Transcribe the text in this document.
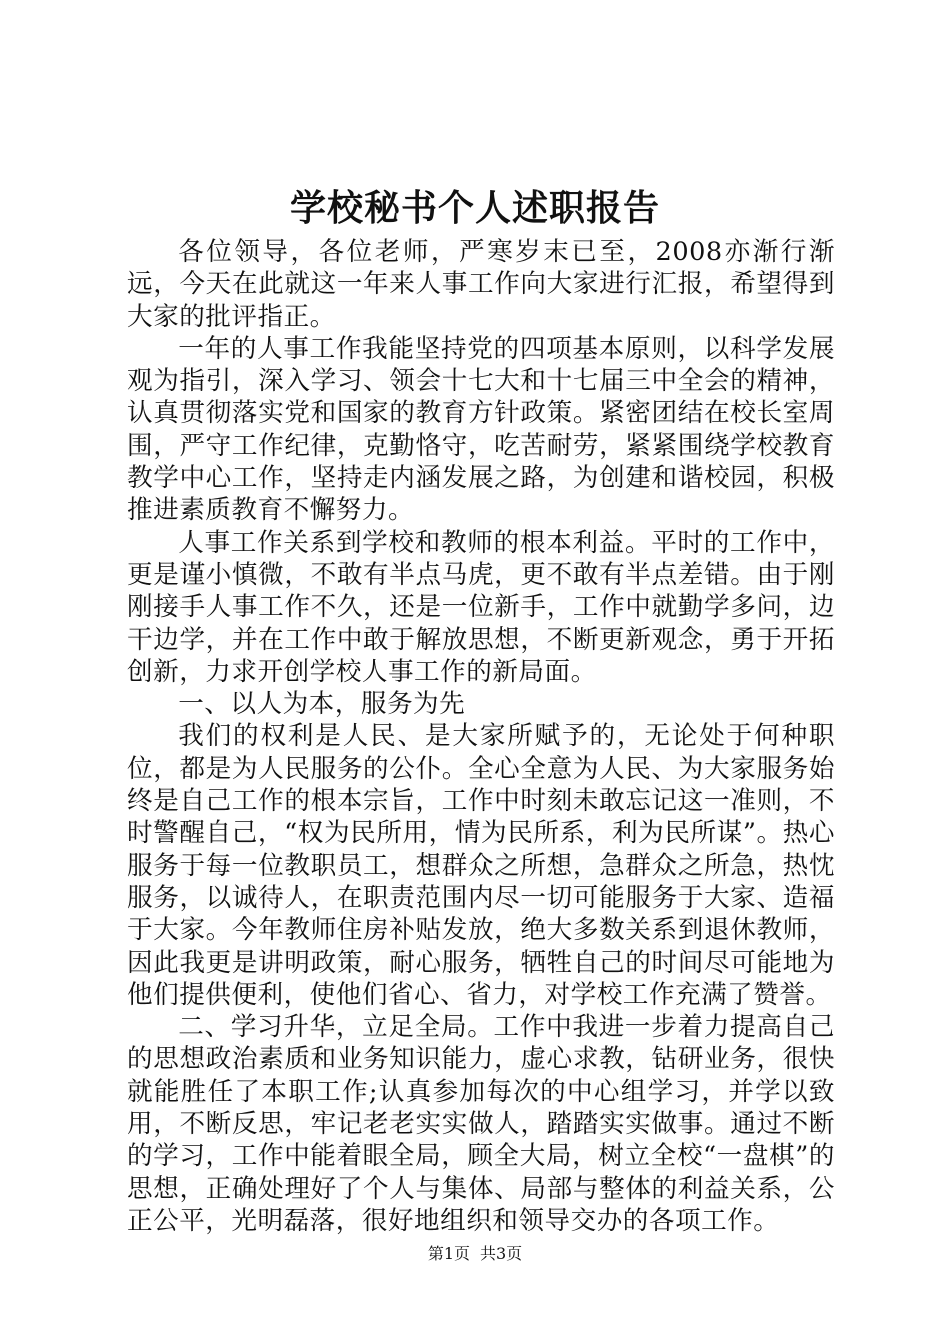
学校秘书个人述职报告

各位领导，各位老师，严寒岁末已至，2008亦渐行渐远，今天在此就这一年来人事工作向大家进行汇报，希望得到大家的批评指正。

一年的人事工作我能坚持党的四项基本原则，以科学发展观为指引，深入学习、领会十七大和十七届三中全会的精神，认真贯彻落实党和国家的教育方针政策。紧密团结在校长室周围，严守工作纪律，克勤恪守，吃苦耐劳，紧紧围绕学校教育教学中心工作，坚持走内涵发展之路，为创建和谐校园，积极推进素质教育不懈努力。

人事工作关系到学校和教师的根本利益。平时的工作中，更是谨小慎微，不敢有半点马虎，更不敢有半点差错。由于刚刚接手人事工作不久，还是一位新手，工作中就勤学多问，边干边学，并在工作中敢于解放思想，不断更新观念，勇于开拓创新，力求开创学校人事工作的新局面。

一、以人为本，服务为先

我们的权利是人民、是大家所赋予的，无论处于何种职位，都是为人民服务的公仆。全心全意为人民、为大家服务始终是自己工作的根本宗旨，工作中时刻未敢忘记这一准则，不时警醒自己，“权为民所用，情为民所系，利为民所谋”。热心服务于每一位教职员工，想群众之所想，急群众之所急，热忱服务，以诚待人，在职责范围内尽一切可能服务于大家、造福于大家。今年教师住房补贴发放，绝大多数关系到退休教师，因此我更是讲明政策，耐心服务，牺牲自己的时间尽可能地为他们提供便利，使他们省心、省力，对学校工作充满了赞誉。

二、学习升华，立足全局。工作中我进一步着力提高自己的思想政治素质和业务知识能力，虚心求教，钻研业务，很快就能胜任了本职工作;认真参加每次的中心组学习，并学以致用，不断反思，牢记老老实实做人，踏踏实实做事。通过不断的学习，工作中能着眼全局，顾全大局，树立全校“一盘棋”的思想，正确处理好了个人与集体、局部与整体的利益关系，公正公平，光明磊落，很好地组织和领导交办的各项工作。

第1页 共3页
